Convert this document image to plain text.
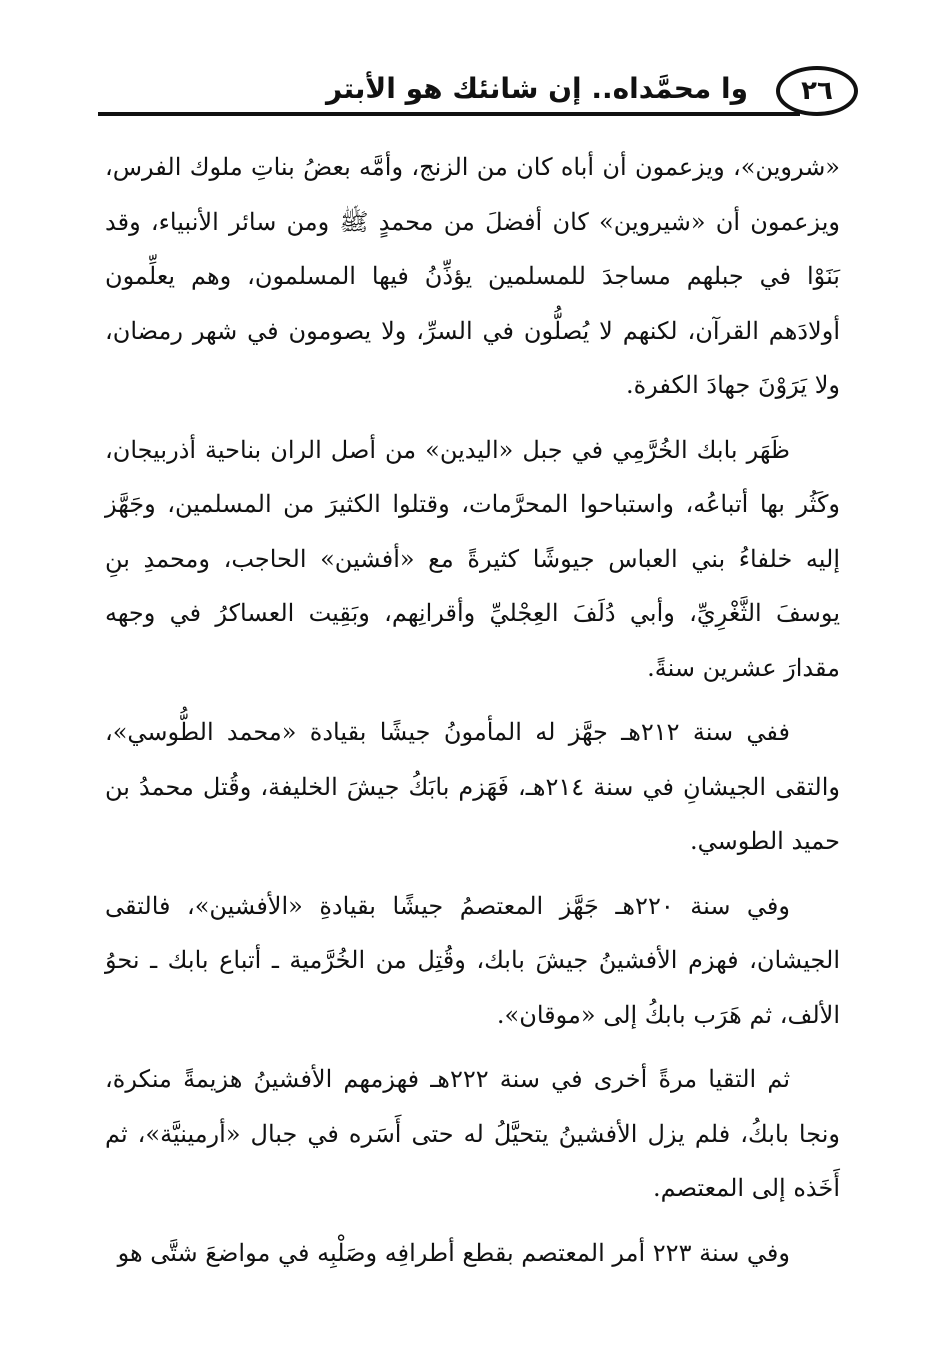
٢٦
وا محمَّداه.. إن شانئك هو الأبتر

«شروين»، ويزعمون أن أباه كان من الزنج، وأمَّه بعضُ بناتِ ملوك الفرس، ويزعمون أن «شيروين» كان أفضلَ من محمدٍ ﷺ ومن سائر الأنبياء، وقد بَنَوْا في جبلهم مساجدَ للمسلمين يؤذِّنُ فيها المسلمون، وهم يعلِّمون أولادَهم القرآن، لكنهم لا يُصلُّون في السرِّ، ولا يصومون في شهر رمضان، ولا يَرَوْنَ جهادَ الكفرة.

ظَهَر بابك الخُرَّمِي في جبل «اليدين» من أصل الران بناحية أذربيجان، وكَثُر بها أتباعُه، واستباحوا المحرَّمات، وقتلوا الكثيرَ من المسلمين، وجَهَّز إليه خلفاءُ بني العباس جيوشًا كثيرةً مع «أفشين» الحاجب، ومحمدِ بنِ يوسفَ الثَّغْرِيِّ، وأبي دُلَفَ العِجْليِّ وأقرانِهم، وبَقِيت العساكرُ في وجهه مقدارَ عشرين سنةً.

ففي سنة ٢١٢هـ جهَّز له المأمونُ جيشًا بقيادة «محمد الطُّوسي»، والتقى الجيشانِ في سنة ٢١٤هـ، فَهَزم بابَكُ جيشَ الخليفة، وقُتل محمدُ بن حميد الطوسي.

وفي سنة ٢٢٠هـ جَهَّز المعتصمُ جيشًا بقيادةِ «الأفشين»، فالتقى الجيشان، فهزم الأفشينُ جيشَ بابك، وقُتِل من الخُرَّمية ـ أتباع بابك ـ نحوُ الألف، ثم هَرَب بابكُ إلى «موقان».

ثم التقيا مرةً أخرى في سنة ٢٢٢هـ فهزمهم الأفشينُ هزيمةً منكرة، ونجا بابكُ، فلم يزل الأفشينُ يتحيَّلُ له حتى أَسَره في جبال «أرمينيَّة»، ثم أَخَذه إلى المعتصم.

وفي سنة ٢٢٣ أمر المعتصم بقطع أطرافِه وصَلْبِه في مواضعَ شتَّى هو
